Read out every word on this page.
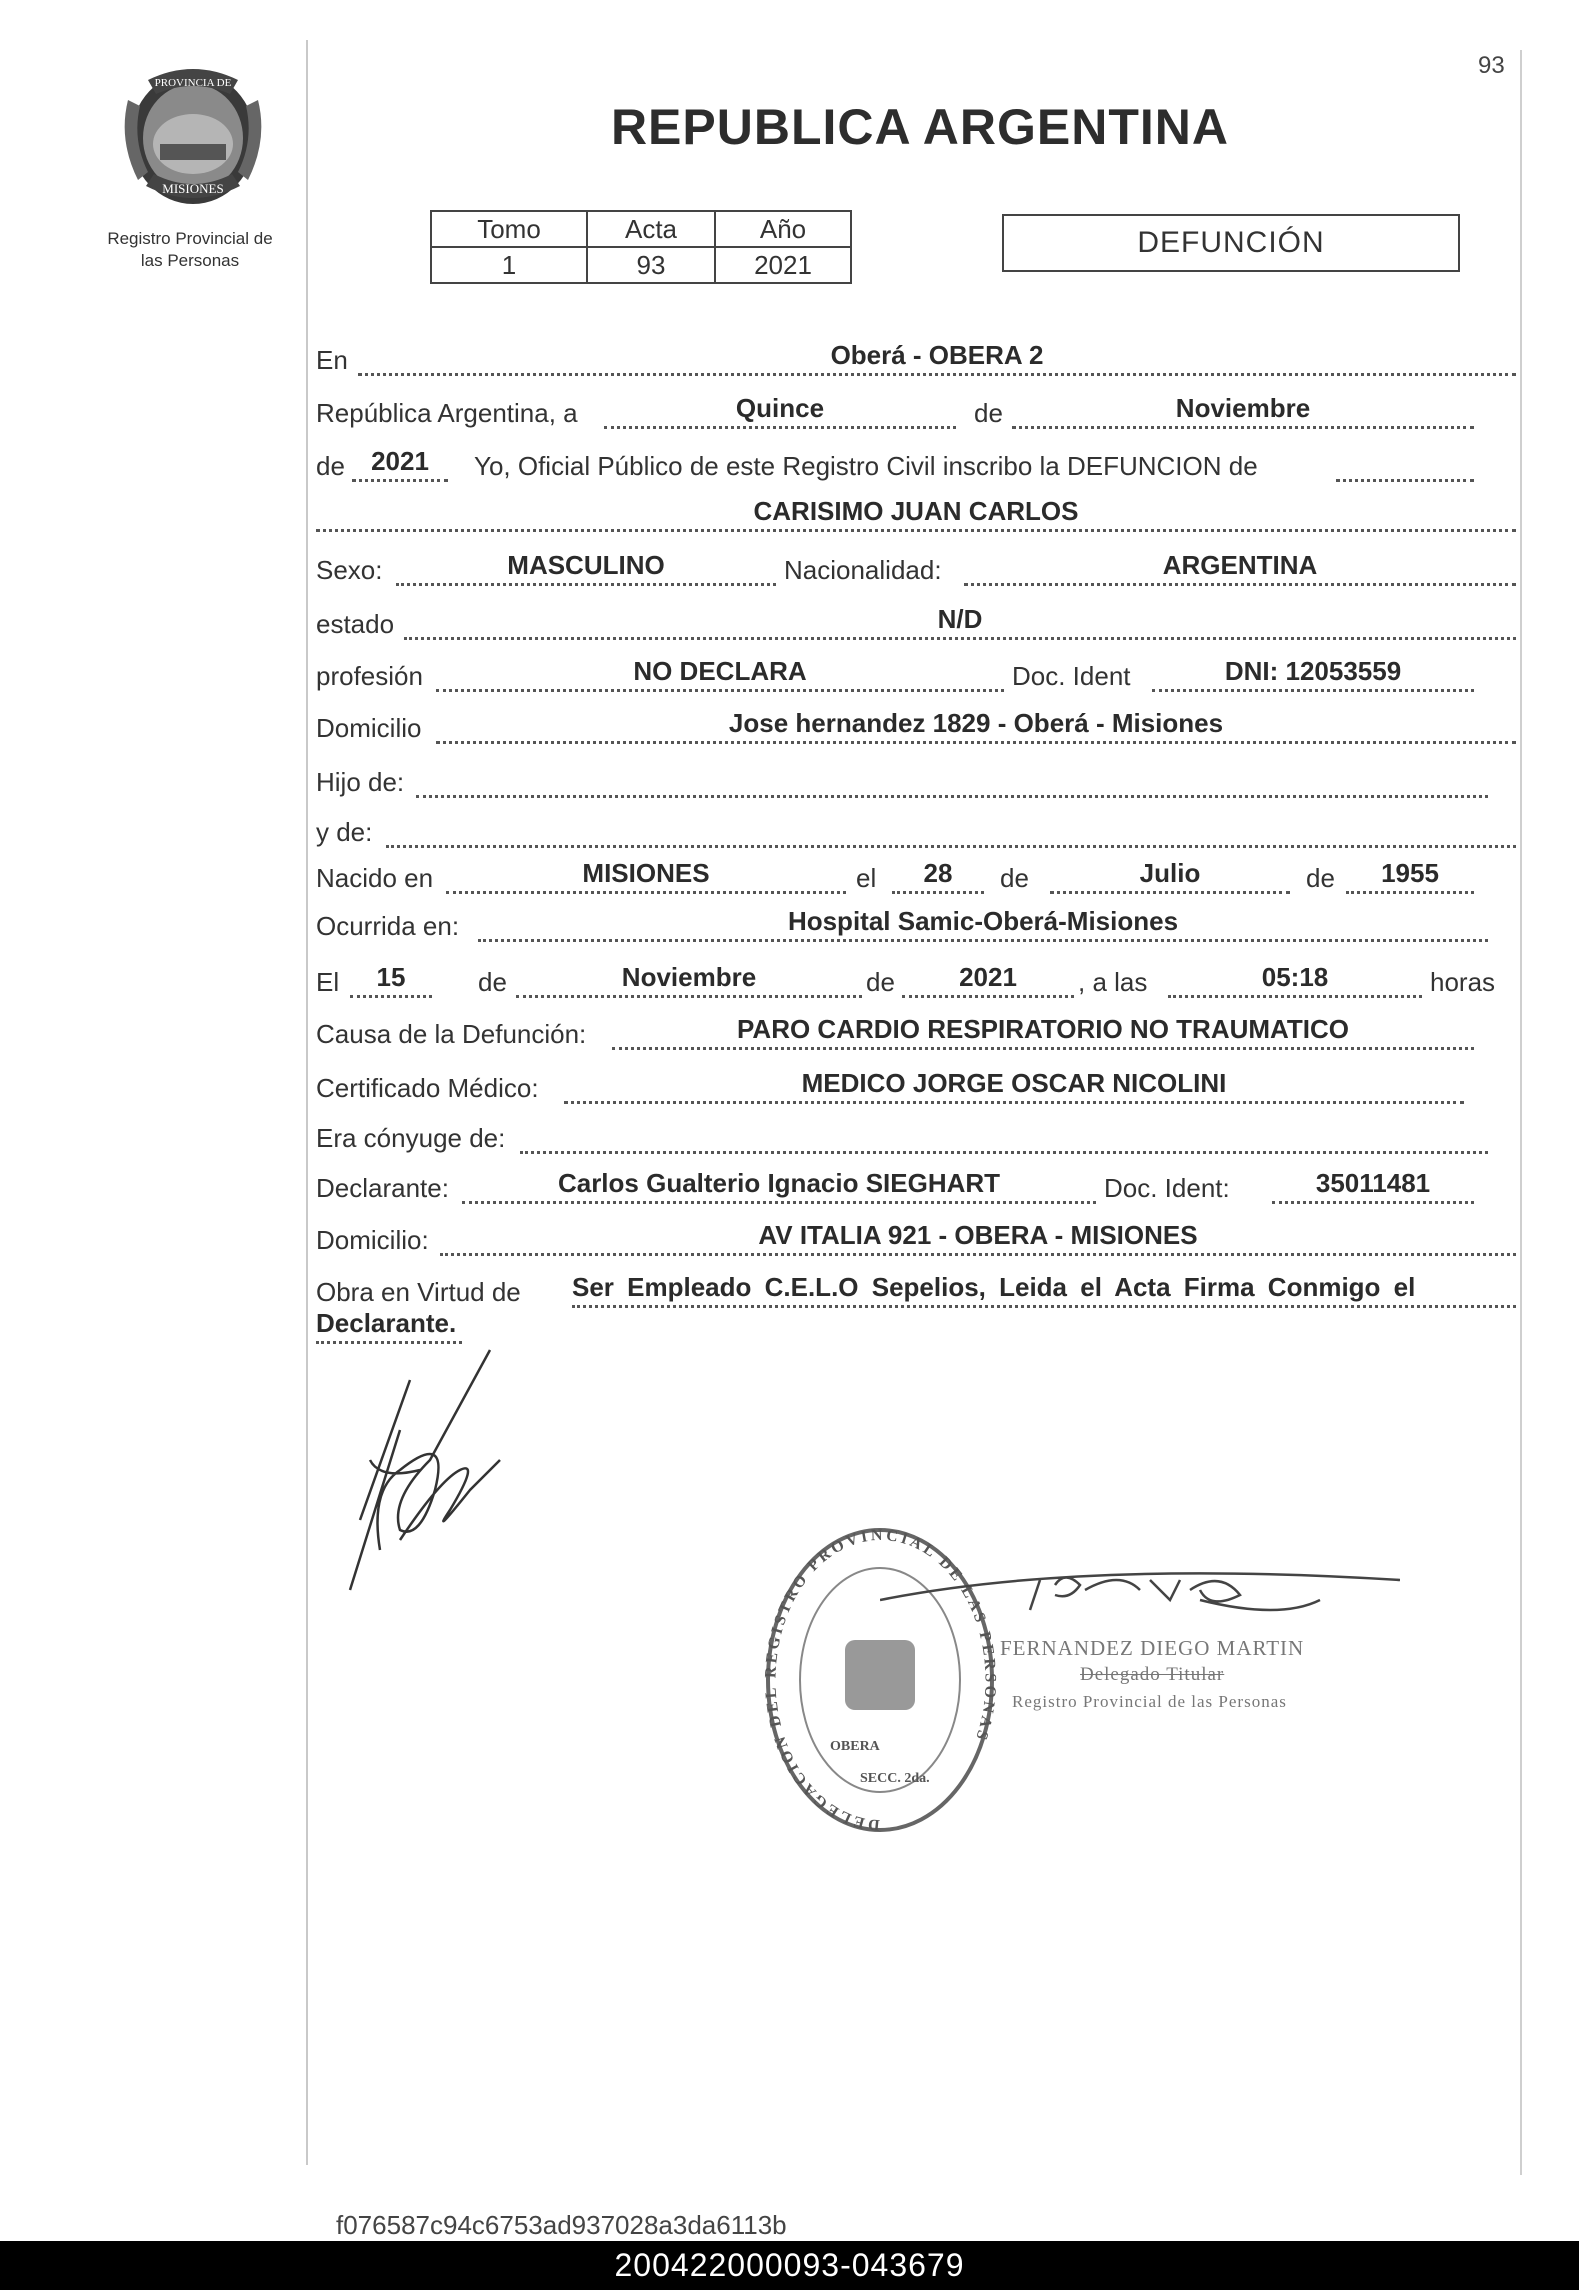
93
PROVINCIA DE
MISIONES
Registro Provincial de
las Personas
REPUBLICA ARGENTINA
Tomo	Acta	Año
1	93	2021
DEFUNCIÓN
En	Oberá - OBERA 2
República Argentina, a	Quince	de	Noviembre
de	2021	Yo, Oficial Público de este Registro Civil inscribo la DEFUNCION de
CARISIMO JUAN CARLOS
Sexo:	MASCULINO	Nacionalidad:	ARGENTINA
estado	N/D
profesión	NO DECLARA	Doc. Ident	DNI: 12053559
Domicilio	Jose hernandez 1829 - Oberá - Misiones
Hijo de:
y de:
Nacido en	MISIONES	el	28	de	Julio	de	1955
Ocurrida en:	Hospital Samic-Oberá-Misiones
El	15	de	Noviembre	de	2021	, a las	05:18	horas
Causa de la Defunción:	PARO CARDIO RESPIRATORIO NO TRAUMATICO
Certificado Médico:	MEDICO JORGE OSCAR NICOLINI
Era cónyuge de:
Declarante:	Carlos Gualterio Ignacio SIEGHART	Doc. Ident:	35011481
Domicilio:	AV ITALIA 921 - OBERA - MISIONES
Obra en Virtud de Ser Empleado C.E.L.O Sepelios, Leida el Acta Firma Conmigo el
Declarante.
DELEGACION DEL REGISTRO PROVINCIAL DE LAS PERSONAS
OBERA
SECC. 2da.
FERNANDEZ DIEGO MARTIN
Delegado Titular
Registro Provincial de las Personas
f076587c94c6753ad937028a3da6113b
200422000093-043679
